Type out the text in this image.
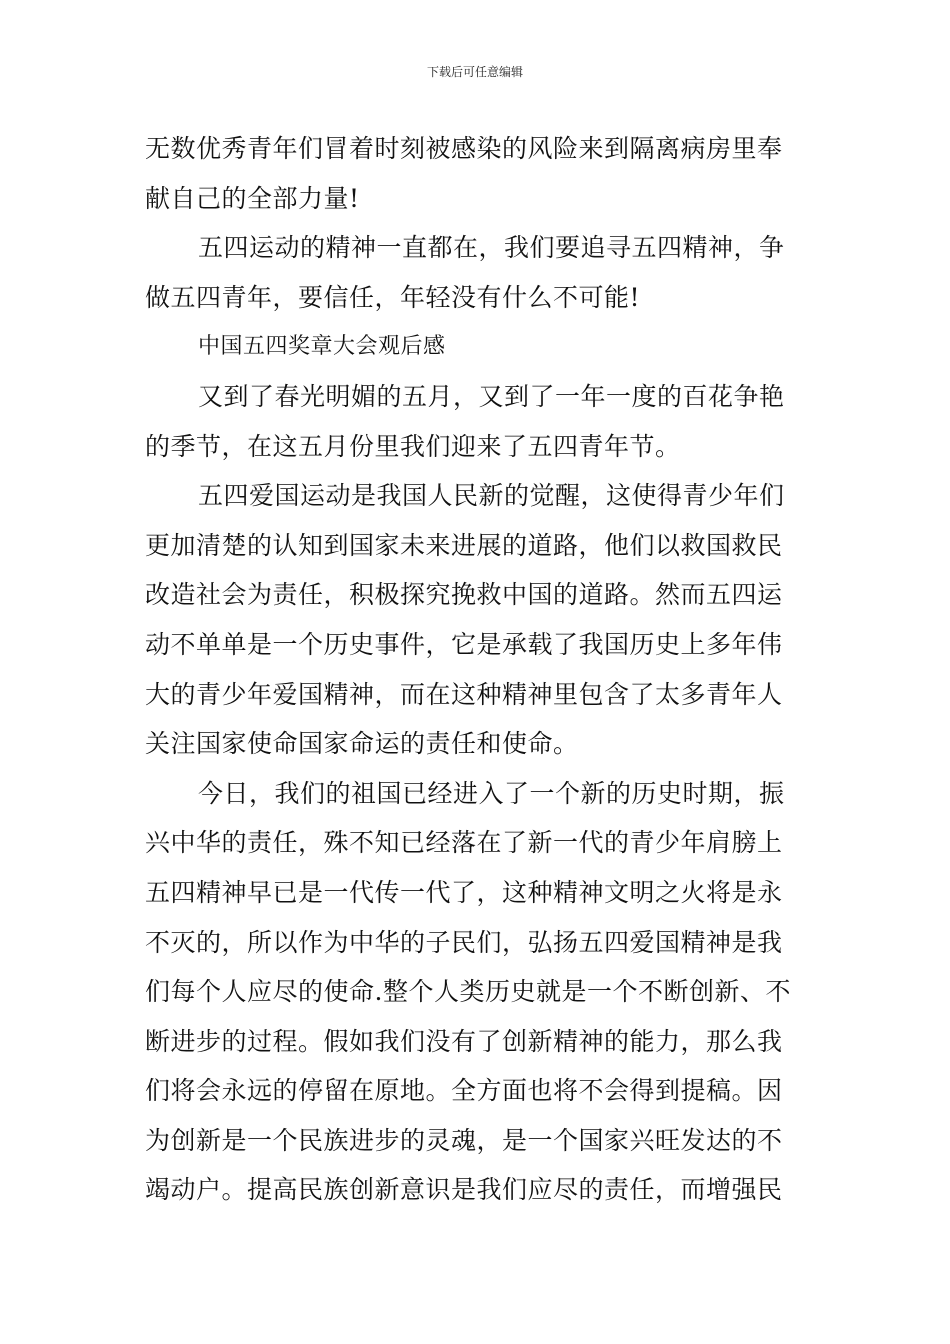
下载后可任意编辑
无数优秀青年们冒着时刻被感染的风险来到隔离病房里奉
献自己的全部力量!
五四运动的精神一直都在，我们要追寻五四精神，争
做五四青年，要信任，年轻没有什么不可能!
中国五四奖章大会观后感
又到了春光明媚的五月，又到了一年一度的百花争艳
的季节，在这五月份里我们迎来了五四青年节。
五四爱国运动是我国人民新的觉醒，这使得青少年们
更加清楚的认知到国家未来进展的道路，他们以救国救民
改造社会为责任，积极探究挽救中国的道路。然而五四运
动不单单是一个历史事件，它是承载了我国历史上多年伟
大的青少年爱国精神，而在这种精神里包含了太多青年人
关注国家使命国家命运的责任和使命。
今日，我们的祖国已经进入了一个新的历史时期，振
兴中华的责任，殊不知已经落在了新一代的青少年肩膀上
五四精神早已是一代传一代了，这种精神文明之火将是永
不灭的，所以作为中华的子民们，弘扬五四爱国精神是我
们每个人应尽的使命.整个人类历史就是一个不断创新、不
断进步的过程。假如我们没有了创新精神的能力，那么我
们将会永远的停留在原地。全方面也将不会得到提稿。因
为创新是一个民族进步的灵魂，是一个国家兴旺发达的不
竭动户。提高民族创新意识是我们应尽的责任，而增强民
